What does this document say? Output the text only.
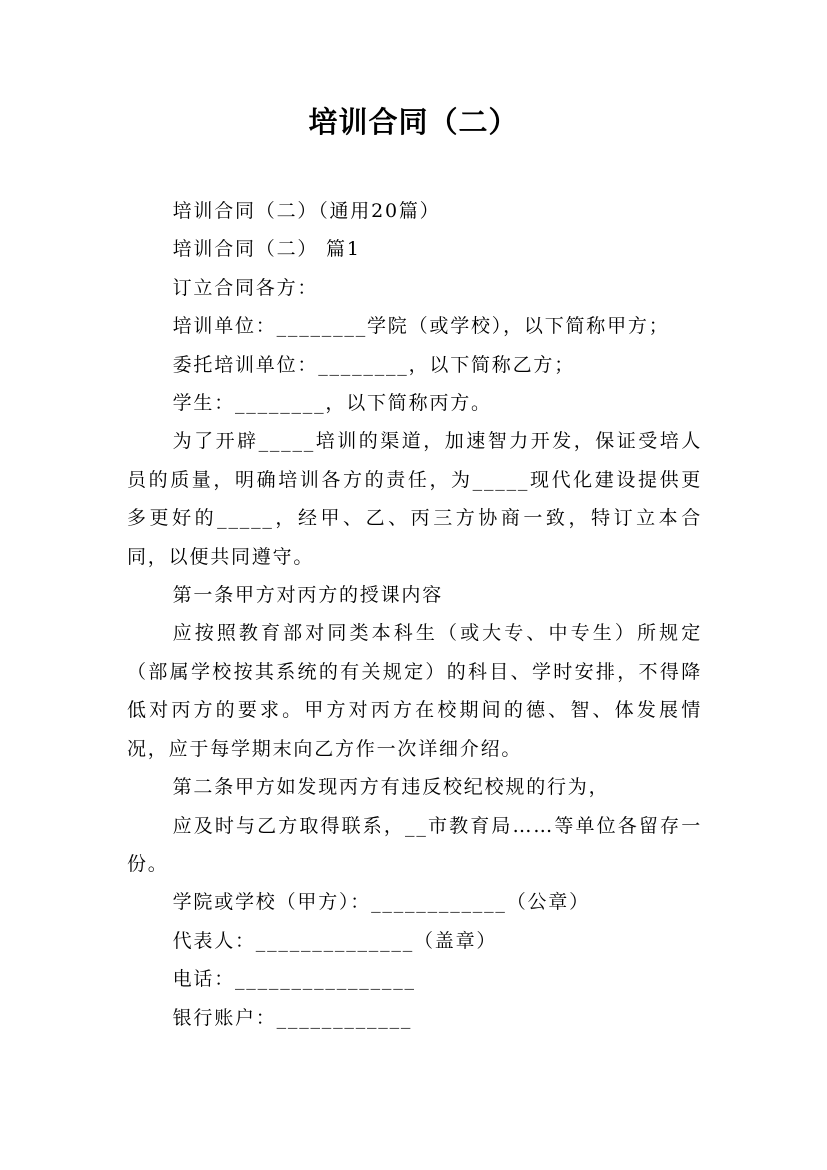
培训合同（二）

培训合同（二）（通用20篇）

培训合同（二） 篇1

订立合同各方：

培训单位：________学院（或学校），以下简称甲方；

委托培训单位：________，以下简称乙方；

学生：________，以下简称丙方。

为了开辟_____培训的渠道，加速智力开发，保证受培人员的质量，明确培训各方的责任，为_____现代化建设提供更多更好的_____，经甲、乙、丙三方协商一致，特订立本合同，以便共同遵守。

第一条甲方对丙方的授课内容

应按照教育部对同类本科生（或大专、中专生）所规定（部属学校按其系统的有关规定）的科目、学时安排，不得降低对丙方的要求。甲方对丙方在校期间的德、智、体发展情况，应于每学期末向乙方作一次详细介绍。

第二条甲方如发现丙方有违反校纪校规的行为，

应及时与乙方取得联系，__市教育局……等单位各留存一份。

学院或学校（甲方）：____________（公章）

代表人：______________（盖章）

电话：________________

银行账户：____________
